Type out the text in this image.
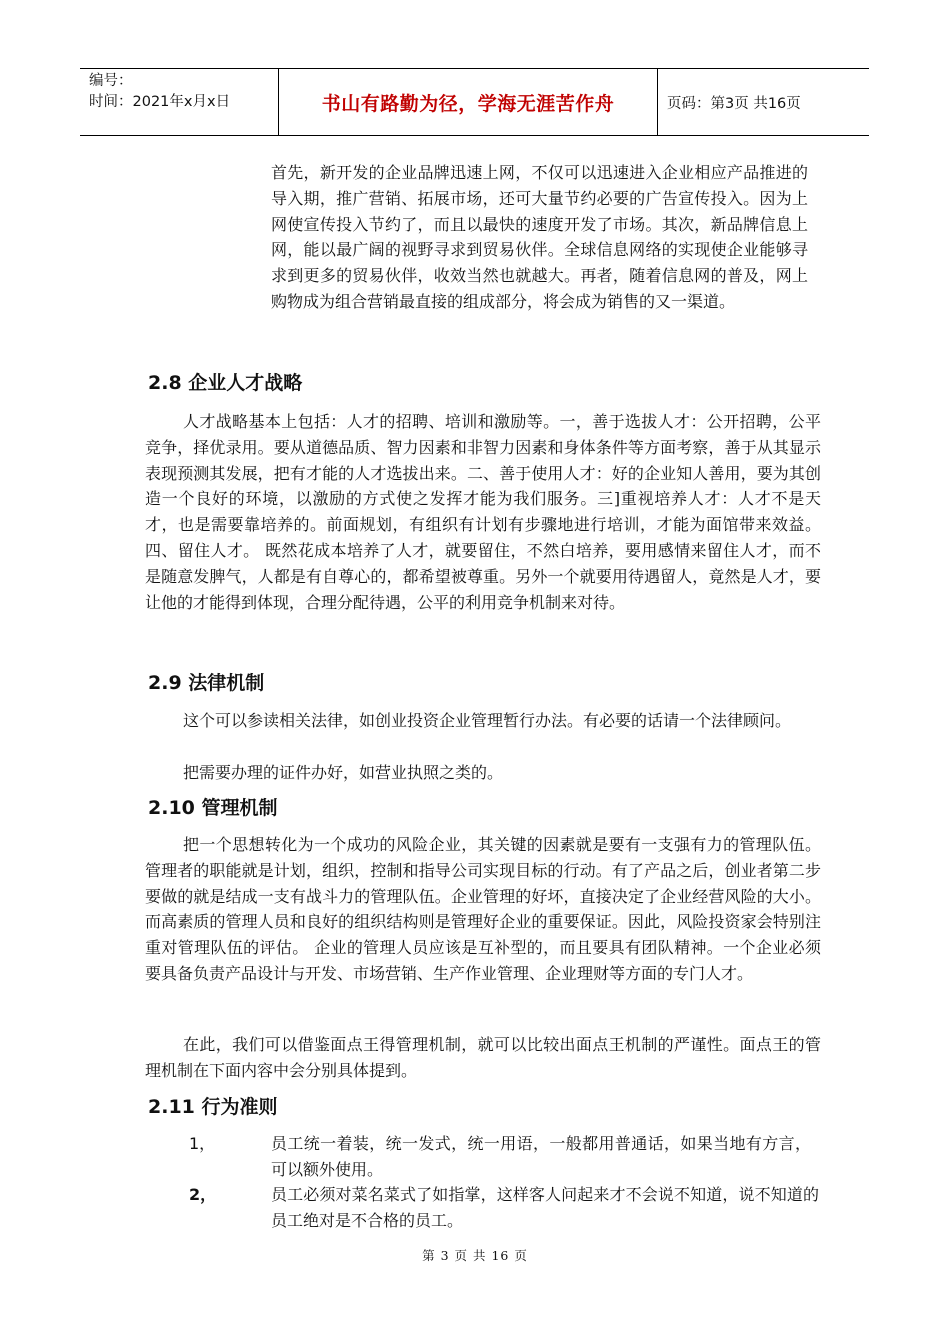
编号：
时间：2021年x月x日	书山有路勤为径，学海无涯苦作舟	页码：第3页 共16页

首先，新开发的企业品牌迅速上网，不仅可以迅速进入企业相应产品推进的导入期，推广营销、拓展市场，还可大量节约必要的广告宣传投入。因为上网使宣传投入节约了，而且以最快的速度开发了市场。其次，新品牌信息上网，能以最广阔的视野寻求到贸易伙伴。全球信息网络的实现使企业能够寻求到更多的贸易伙伴，收效当然也就越大。再者，随着信息网的普及，网上购物成为组合营销最直接的组成部分，将会成为销售的又一渠道。

2.8 企业人才战略

人才战略基本上包括：人才的招聘、培训和激励等。一，善于选拔人才：公开招聘，公平竞争，择优录用。要从道德品质、智力因素和非智力因素和身体条件等方面考察，善于从其显示表现预测其发展，把有才能的人才选拔出来。二、善于使用人才：好的企业知人善用，要为其创造一个良好的环境，以激励的方式使之发挥才能为我们服务。三]重视培养人才：人才不是天才，也是需要靠培养的。前面规划，有组织有计划有步骤地进行培训，才能为面馆带来效益。四、留住人才。 既然花成本培养了人才，就要留住，不然白培养，要用感情来留住人才，而不是随意发脾气，人都是有自尊心的，都希望被尊重。另外一个就要用待遇留人，竟然是人才，要让他的才能得到体现，合理分配待遇，公平的利用竞争机制来对待。

2.9 法律机制

这个可以参读相关法律，如创业投资企业管理暂行办法。有必要的话请一个法律顾问。

把需要办理的证件办好，如营业执照之类的。

2.10 管理机制

把一个思想转化为一个成功的风险企业，其关键的因素就是要有一支强有力的管理队伍。管理者的职能就是计划，组织，控制和指导公司实现目标的行动。有了产品之后，创业者第二步要做的就是结成一支有战斗力的管理队伍。企业管理的好坏，直接决定了企业经营风险的大小。而高素质的管理人员和良好的组织结构则是管理好企业的重要保证。因此，风险投资家会特别注重对管理队伍的评估。 企业的管理人员应该是互补型的，而且要具有团队精神。一个企业必须要具备负责产品设计与开发、市场营销、生产作业管理、企业理财等方面的专门人才。

在此，我们可以借鉴面点王得管理机制，就可以比较出面点王机制的严谨性。面点王的管理机制在下面内容中会分别具体提到。

2.11 行为准则
1，	员工统一着装，统一发式，统一用语，一般都用普通话，如果当地有方言，可以额外使用。

2，	员工必须对菜名菜式了如指掌，这样客人问起来才不会说不知道，说不知道的员工绝对是不合格的员工。

第 3 页 共 16 页
